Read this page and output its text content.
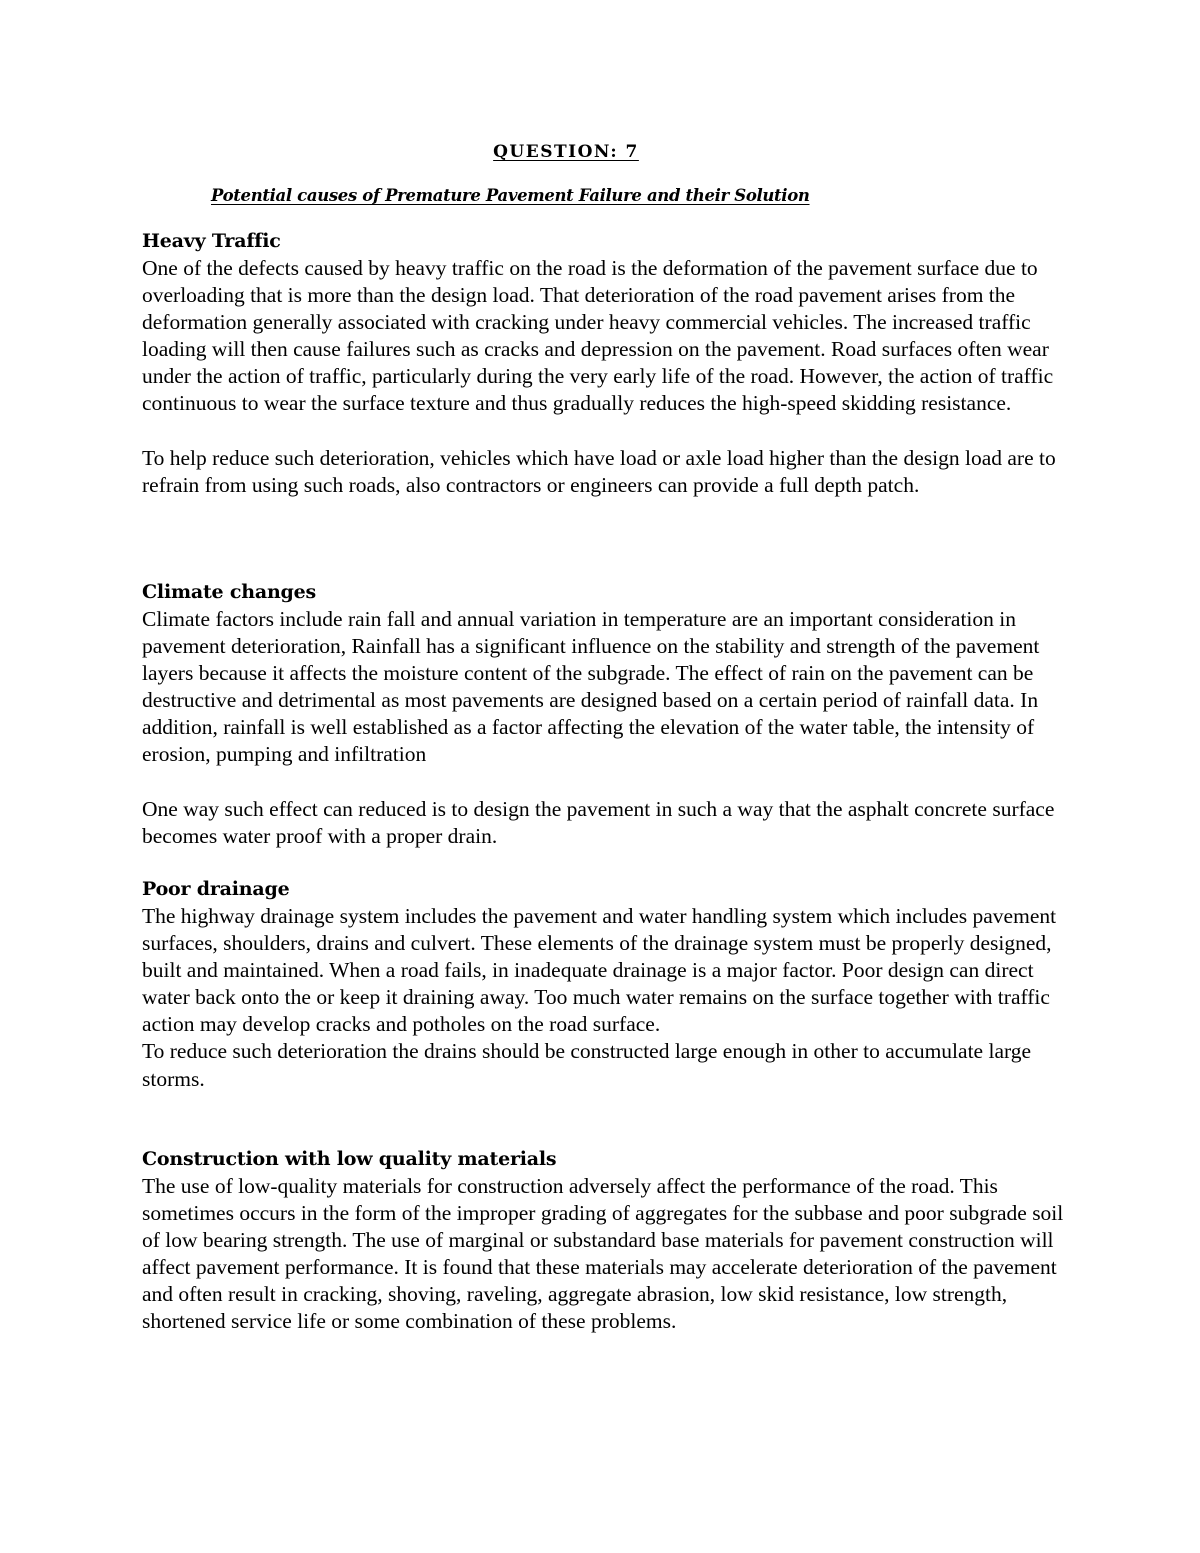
QUESTION: 7
Potential causes of Premature Pavement Failure and their Solution
Heavy Traffic

One of the defects caused by heavy traffic on the road is the deformation of the pavement surface due to overloading that is more than the design load. That deterioration of the road pavement arises from the deformation generally associated with cracking under heavy commercial vehicles. The increased traffic loading will then cause failures such as cracks and depression on the pavement. Road surfaces often wear under the action of traffic, particularly during the very early life of the road. However, the action of traffic continuous to wear the surface texture and thus gradually reduces the high-speed skidding resistance.

To help reduce such deterioration, vehicles which have load or axle load higher than the design load are to refrain from using such roads, also contractors or engineers can provide a full depth patch.

Climate changes

Climate factors include rain fall and annual variation in temperature are an important consideration in pavement deterioration, Rainfall has a significant influence on the stability and strength of the pavement layers because it affects the moisture content of the subgrade. The effect of rain on the pavement can be destructive and detrimental as most pavements are designed based on a certain period of rainfall data. In addition, rainfall is well established as a factor affecting the elevation of the water table, the intensity of erosion, pumping and infiltration

One way such effect can reduced is to design the pavement in such a way that the asphalt concrete surface becomes water proof with a proper drain.

Poor drainage

The highway drainage system includes the pavement and water handling system which includes pavement surfaces, shoulders, drains and culvert. These elements of the drainage system must be properly designed, built and maintained. When a road fails, in inadequate drainage is a major factor. Poor design can direct water back onto the or keep it draining away. Too much water remains on the surface together with traffic action may develop cracks and potholes on the road surface.

To reduce such deterioration the drains should be constructed large enough in other to accumulate large storms.

Construction with low quality materials

The use of low-quality materials for construction adversely affect the performance of the road. This sometimes occurs in the form of the improper grading of aggregates for the subbase and poor subgrade soil of low bearing strength. The use of marginal or substandard base materials for pavement construction will affect pavement performance. It is found that these materials may accelerate deterioration of the pavement and often result in cracking, shoving, raveling, aggregate abrasion, low skid resistance, low strength, shortened service life or some combination of these problems.
